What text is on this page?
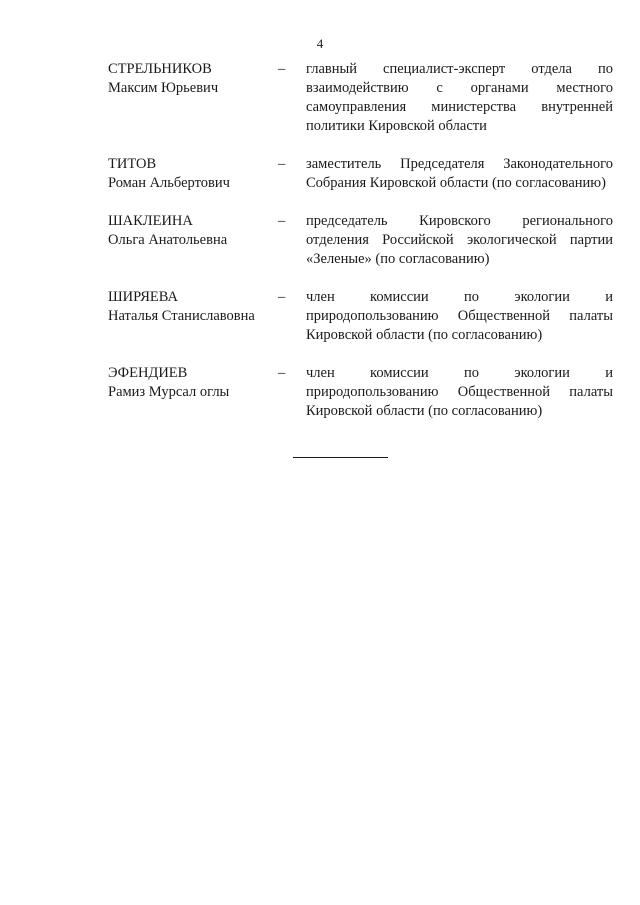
4
СТРЕЛЬНИКОВ
Максим Юрьевич
–	главный специалист-эксперт отдела по взаимодействию с органами местного самоуправления министерства внутренней политики Кировской области
ТИТОВ
Роман Альбертович
–	заместитель Председателя Законодательного Собрания Кировской области (по согласованию)
ШАКЛЕИНА
Ольга Анатольевна
–	председатель Кировского регионального отделения Российской экологической партии «Зеленые» (по согласованию)
ШИРЯЕВА
Наталья Станиславовна
–	член комиссии по экологии и природопользованию Общественной палаты Кировской области (по согласованию)
ЭФЕНДИЕВ
Рамиз Мурсал оглы
–	член комиссии по экологии и природопользованию Общественной палаты Кировской области (по согласованию)
